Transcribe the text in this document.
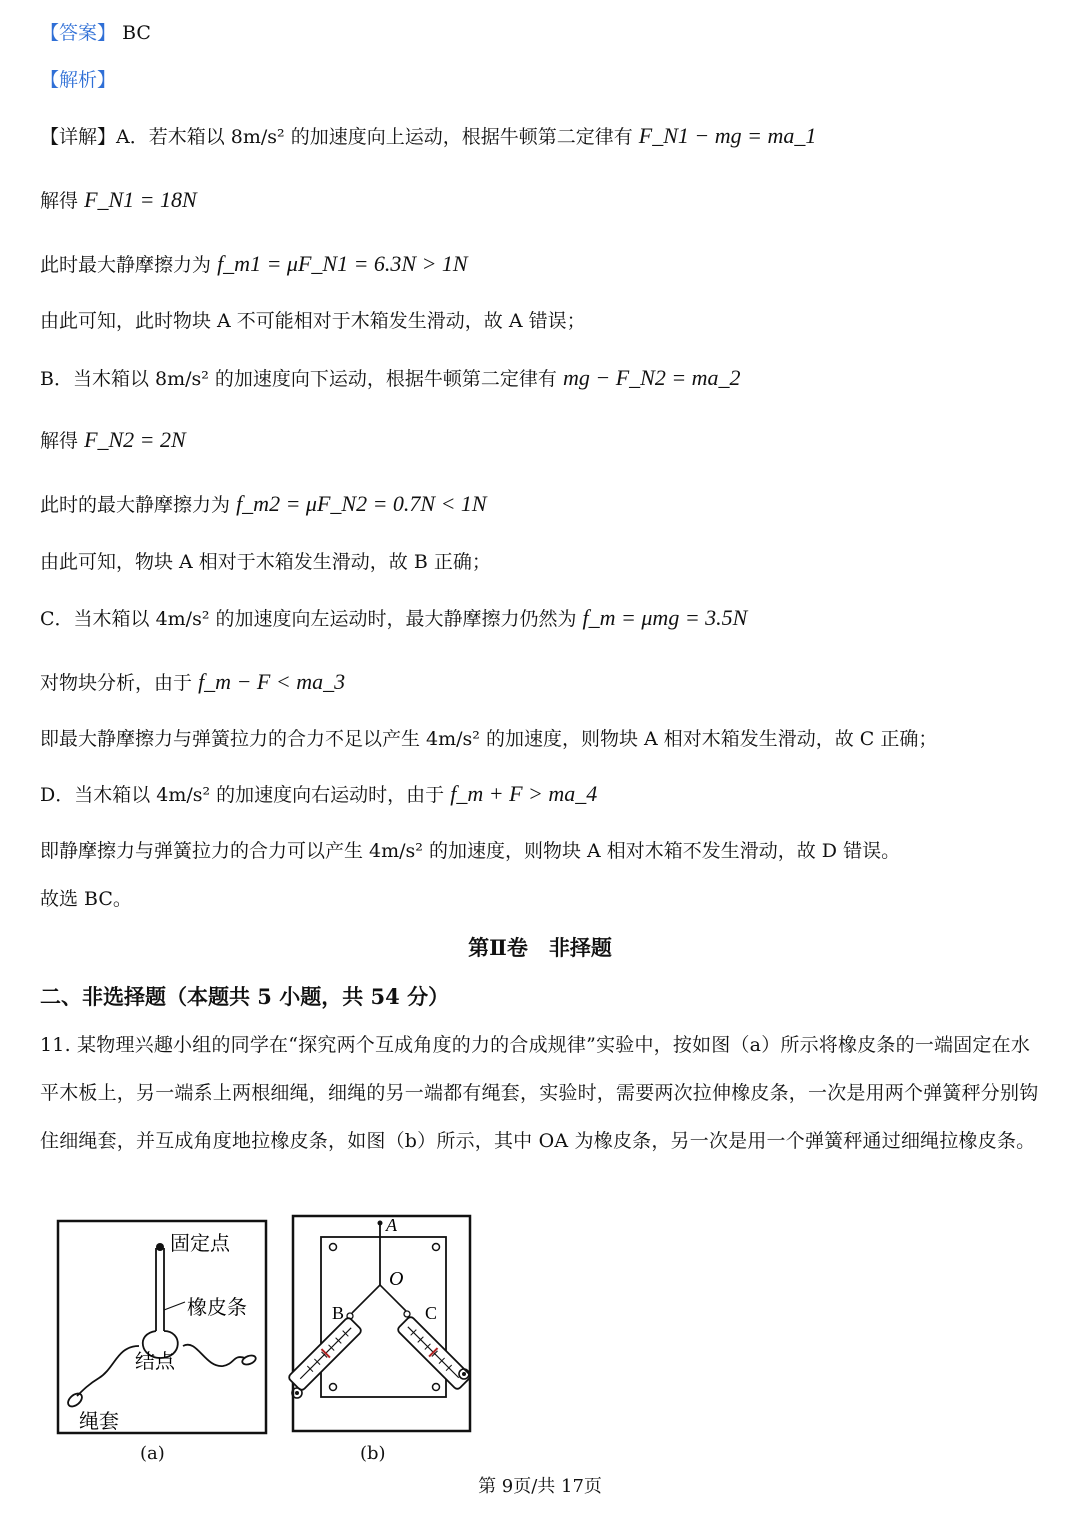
【答案】 BC
【解析】
【详解】A．若木箱以 8m/s² 的加速度向上运动，根据牛顿第二定律有 F_N1 − mg = ma_1
解得 F_N1 = 18N
此时最大静摩擦力为 f_m1 = μF_N1 = 6.3N > 1N
由此可知，此时物块 A 不可能相对于木箱发生滑动，故 A 错误；
B．当木箱以 8m/s² 的加速度向下运动，根据牛顿第二定律有 mg − F_N2 = ma_2
解得 F_N2 = 2N
此时的最大静摩擦力为 f_m2 = μF_N2 = 0.7N < 1N
由此可知，物块 A 相对于木箱发生滑动，故 B 正确；
C．当木箱以 4m/s² 的加速度向左运动时，最大静摩擦力仍然为 f_m = μmg = 3.5N
对物块分析，由于 f_m − F < ma_3
即最大静摩擦力与弹簧拉力的合力不足以产生 4m/s² 的加速度，则物块 A 相对木箱发生滑动，故 C 正确；
D．当木箱以 4m/s² 的加速度向右运动时，由于 f_m + F > ma_4
即静摩擦力与弹簧拉力的合力可以产生 4m/s² 的加速度，则物块 A 相对木箱不发生滑动，故 D 错误。
故选 BC。
第Ⅱ卷　非择题
二、非选择题（本题共 5 小题，共 54 分）
11. 某物理兴趣小组的同学在“探究两个互成角度的力的合成规律”实验中，按如图（a）所示将橡皮条的一端固定在水平木板上，另一端系上两根细绳，细绳的另一端都有绳套，实验时，需要两次拉伸橡皮条，一次是用两个弹簧秤分别钩住细绳套，并互成角度地拉橡皮条，如图（b）所示，其中 OA 为橡皮条，另一次是用一个弹簧秤通过细绳拉橡皮条。
固定点
橡皮条
结点
绳套
(a)
A
O
B	C
(b)
第 9页/共 17页
